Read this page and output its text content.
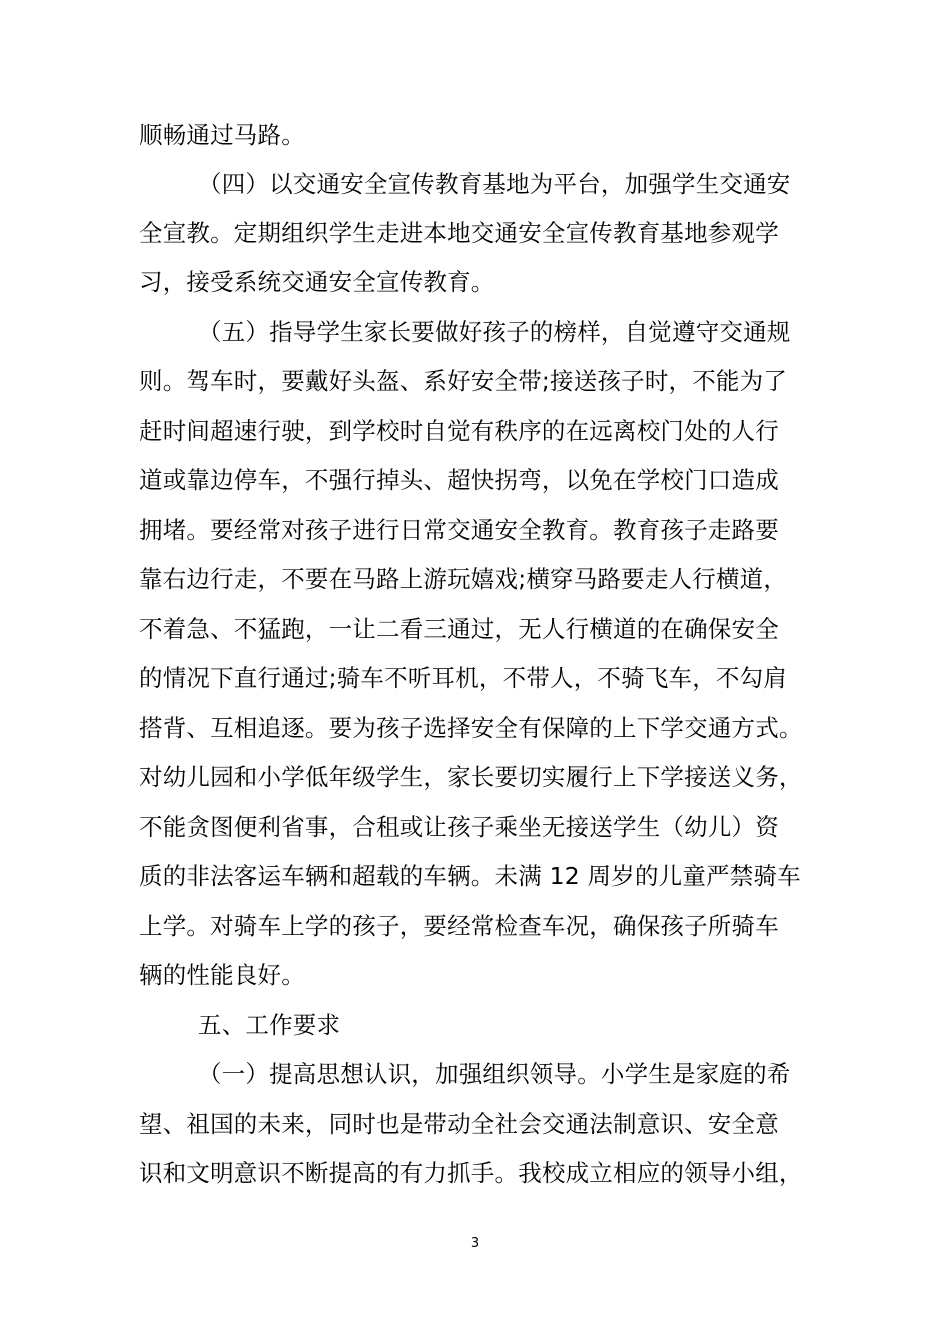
顺畅通过马路。
（四）以交通安全宣传教育基地为平台，加强学生交通安
全宣教。定期组织学生走进本地交通安全宣传教育基地参观学
习，接受系统交通安全宣传教育。
（五）指导学生家长要做好孩子的榜样，自觉遵守交通规
则。驾车时，要戴好头盔、系好安全带;接送孩子时，不能为了
赶时间超速行驶，到学校时自觉有秩序的在远离校门处的人行
道或靠边停车，不强行掉头、超快拐弯，以免在学校门口造成
拥堵。要经常对孩子进行日常交通安全教育。教育孩子走路要
靠右边行走，不要在马路上游玩嬉戏;横穿马路要走人行横道，
不着急、不猛跑，一让二看三通过，无人行横道的在确保安全
的情况下直行通过;骑车不听耳机，不带人，不骑飞车，不勾肩
搭背、互相追逐。要为孩子选择安全有保障的上下学交通方式。
对幼儿园和小学低年级学生，家长要切实履行上下学接送义务，
不能贪图便利省事，合租或让孩子乘坐无接送学生（幼儿）资
质的非法客运车辆和超载的车辆。未满 12 周岁的儿童严禁骑车
上学。对骑车上学的孩子，要经常检查车况，确保孩子所骑车
辆的性能良好。
五、工作要求
（一）提高思想认识，加强组织领导。小学生是家庭的希
望、祖国的未来，同时也是带动全社会交通法制意识、安全意
识和文明意识不断提高的有力抓手。我校成立相应的领导小组，
3
